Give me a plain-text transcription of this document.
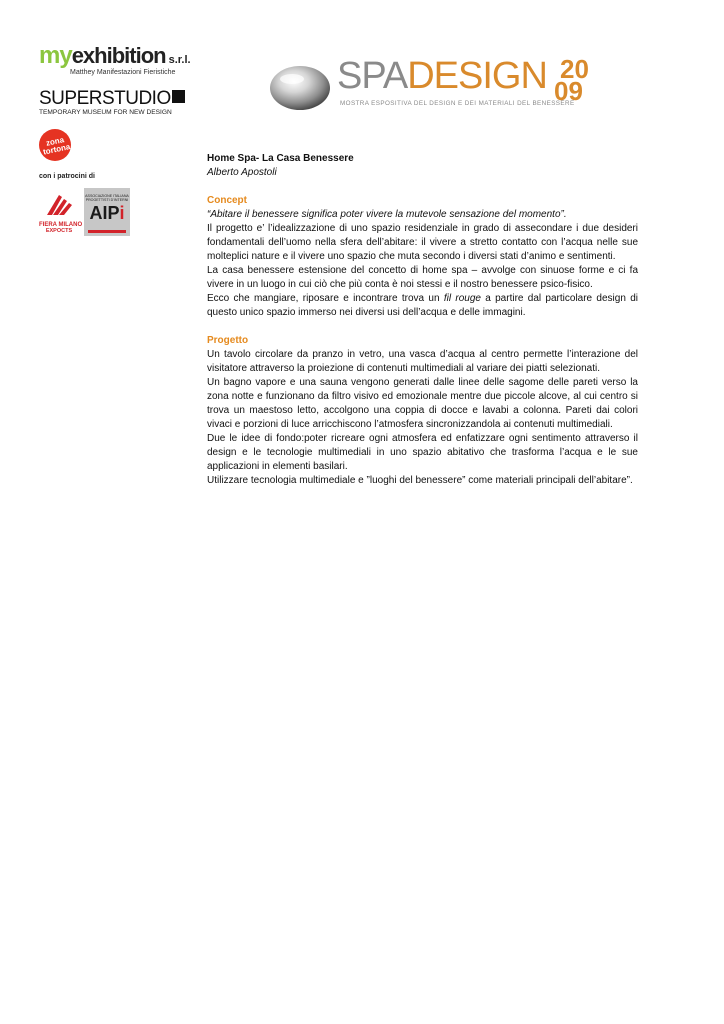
myexhibition s.r.l.
Matthey Manifestazioni Fieristiche
SUPERSTUDIO
TEMPORARY MUSEUM FOR NEW DESIGN
zona tortona
con i patrocini di
FIERA MILANO
EXPOCTS
ASSOCIAZIONE ITALIANA PROGETTISTI D'INTERNI
AIPi
SPADESIGN 20
09
MOSTRA ESPOSITIVA DEL DESIGN E DEI MATERIALI DEL BENESSERE
Home Spa- La Casa Benessere
Alberto Apostoli
Concept

“Abitare il benessere significa poter vivere la mutevole sensazione del momento”.

Il progetto e’ l’idealizzazione di uno spazio residenziale in grado di assecondare i due desideri fondamentali dell’uomo nella sfera dell’abitare: il vivere a stretto contatto con l’acqua nelle sue molteplici nature e il vivere uno spazio che muta secondo i diversi stati d’animo e sentimenti.

La casa benessere estensione del concetto di home spa – avvolge con sinuose forme e ci fa vivere in un luogo in cui ciò che più conta è noi stessi e il nostro benessere psico-fisico.

Ecco che mangiare, riposare e incontrare trova un fil rouge a partire dal particolare design di questo unico spazio immerso nei diversi usi dell’acqua e delle immagini.

Progetto

Un tavolo circolare da pranzo in vetro, una vasca d’acqua al centro permette l’interazione del visitatore attraverso la proiezione di contenuti multimediali al variare dei piatti selezionati.

Un bagno vapore e una sauna vengono generati dalle linee delle sagome delle pareti verso la zona notte e funzionano da filtro visivo ed emozionale mentre due piccole alcove, al cui centro si trova un maestoso letto, accolgono una coppia di docce e lavabi a colonna. Pareti dai colori vivaci e porzioni di luce arricchiscono l’atmosfera sincronizzandola ai contenuti multimediali.

Due le idee di fondo:poter ricreare ogni atmosfera ed enfatizzare ogni sentimento attraverso il design e le tecnologie multimediali in uno spazio abitativo che trasforma l’acqua e le sue applicazioni in elementi basilari.

Utilizzare tecnologia multimediale e ”luoghi del benessere” come materiali principali dell’abitare”.
